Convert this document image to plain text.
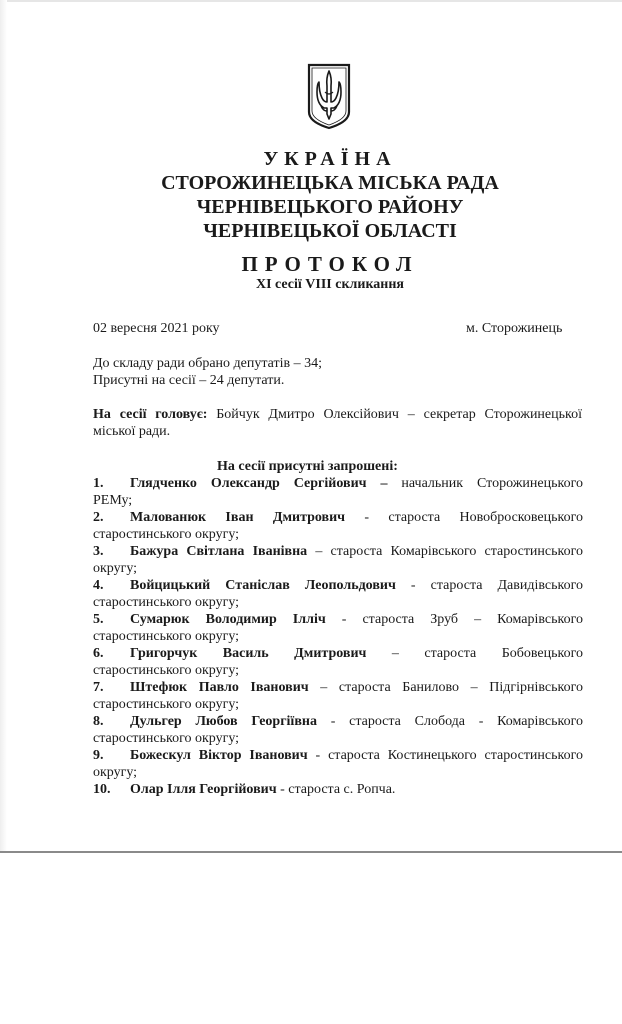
УКРАЇНА
СТОРОЖИНЕЦЬКА МІСЬКА РАДА
ЧЕРНІВЕЦЬКОГО РАЙОНУ
ЧЕРНІВЕЦЬКОЇ ОБЛАСТІ
ПРОТОКОЛ
ХІ сесії VIII скликання
02 вересня 2021 року	м. Сторожинець
До складу ради обрано депутатів – 34;
Присутні на сесії – 24 депутати.
На сесії головує: Бойчук Дмитро Олексійович – секретар Сторожинецької
міської ради.
На сесії присутні запрошені:
1.	Глядченко Олександр Сергійович – начальник Сторожинецького
РЕМу;
2.	Мaловaнюк Іван Дмитрович - староста Новобросковецького
старостинського округу;
3.	Бажура Світлана Іванівна – староста Комарівського старостинського
округу;
4.	Войцицький Станіслав Леопольдович - староста Давидівського
старостинського округу;
5.	Сумарюк Володимир Ілліч - староста Зруб – Комарівського
старостинського округу;
6.	Григорчук Василь Дмитрович – староста Бобовецького
старостинського округу;
7.	Штефюк Павло Іванович – староста Банилово – Підгірнівського
старостинського округу;
8.	Дульгер Любов Георгіївна - староста Слобода - Комарівського
старостинського округу;
9.	Божескул Віктор Іванович - староста Костинецького старостинського
округу;
10.	Олар Ілля Георгійович - староста с. Ропча.
